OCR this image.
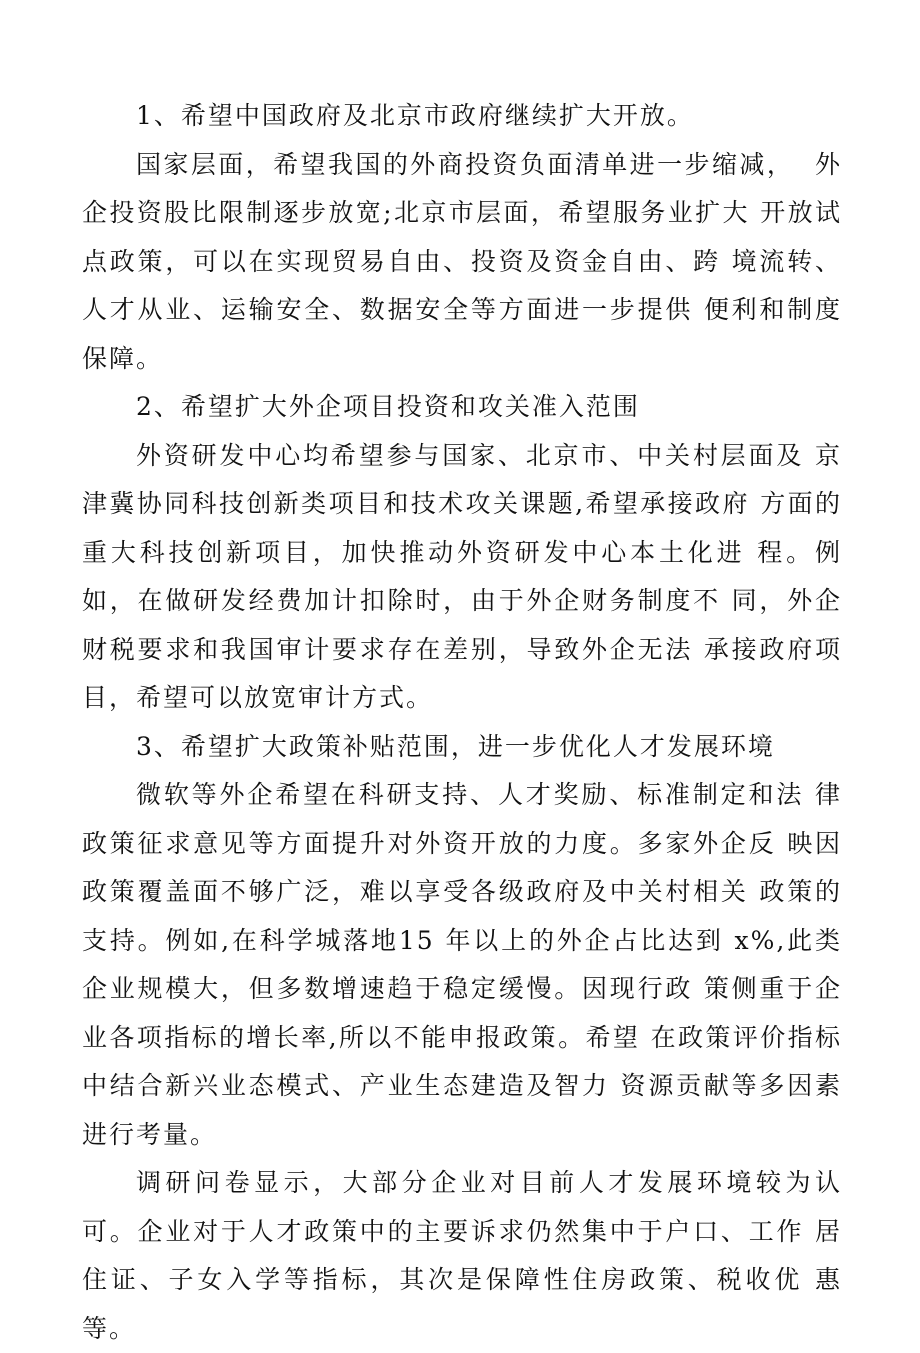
1、希望中国政府及北京市政府继续扩大开放。

国家层面，希望我国的外商投资负面清单进一步缩减，  外企投资股比限制逐步放宽;北京市层面，希望服务业扩大 开放试点政策，可以在实现贸易自由、投资及资金自由、跨 境流转、人才从业、运输安全、数据安全等方面进一步提供 便利和制度保障。

2、希望扩大外企项目投资和攻关准入范围

外资研发中心均希望参与国家、北京市、中关村层面及 京津冀协同科技创新类项目和技术攻关课题,希望承接政府 方面的重大科技创新项目，加快推动外资研发中心本土化进 程。例如，在做研发经费加计扣除时，由于外企财务制度不 同，外企财税要求和我国审计要求存在差别，导致外企无法 承接政府项目，希望可以放宽审计方式。

3、希望扩大政策补贴范围，进一步优化人才发展环境

微软等外企希望在科研支持、人才奖励、标准制定和法 律政策征求意见等方面提升对外资开放的力度。多家外企反 映因政策覆盖面不够广泛，难以享受各级政府及中关村相关 政策的支持。例如,在科学城落地15 年以上的外企占比达到 x%,此类企业规模大，但多数增速趋于稳定缓慢。因现行政 策侧重于企业各项指标的增长率,所以不能申报政策。希望 在政策评价指标中结合新兴业态模式、产业生态建造及智力 资源贡献等多因素进行考量。

调研问卷显示，大部分企业对目前人才发展环境较为认 可。企业对于人才政策中的主要诉求仍然集中于户口、工作 居住证、子女入学等指标，其次是保障性住房政策、税收优 惠等。
